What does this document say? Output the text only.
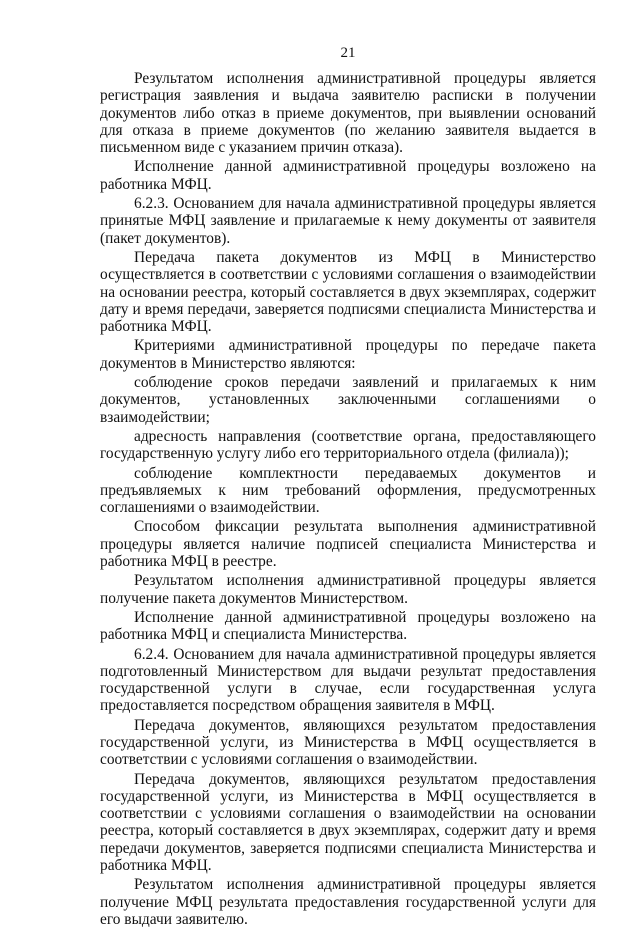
21

Результатом исполнения административной процедуры является регистрация заявления и выдача заявителю расписки в получении документов либо отказ в приеме документов, при выявлении оснований для отказа в приеме документов (по желанию заявителя выдается в письменном виде с указанием причин отказа).

Исполнение данной административной процедуры возложено на работника МФЦ.

6.2.3. Основанием для начала административной процедуры является принятые МФЦ заявление и прилагаемые к нему документы от заявителя (пакет документов).

Передача пакета документов из МФЦ в Министерство осуществляется в соответствии с условиями соглашения о взаимодействии на основании реестра, который составляется в двух экземплярах, содержит дату и время передачи, заверяется подписями специалиста Министерства и работника МФЦ.

Критериями административной процедуры по передаче пакета документов в Министерство являются:

соблюдение сроков передачи заявлений и прилагаемых к ним документов, установленных заключенными соглашениями о взаимодействии;

адресность направления (соответствие органа, предоставляющего государственную услугу либо его территориального отдела (филиала));

соблюдение комплектности передаваемых документов и предъявляемых к ним требований оформления, предусмотренных соглашениями о взаимодействии.

Способом фиксации результата выполнения административной процедуры является наличие подписей специалиста Министерства и работника МФЦ в реестре.

Результатом исполнения административной процедуры является получение пакета документов Министерством.

Исполнение данной административной процедуры возложено на работника МФЦ и специалиста Министерства.

6.2.4. Основанием для начала административной процедуры является подготовленный Министерством для выдачи результат предоставления государственной услуги в случае, если государственная услуга предоставляется посредством обращения заявителя в МФЦ.

Передача документов, являющихся результатом предоставления государственной услуги, из Министерства в МФЦ осуществляется в соответствии с условиями соглашения о взаимодействии.

Передача документов, являющихся результатом предоставления государственной услуги, из Министерства в МФЦ осуществляется в соответствии с условиями соглашения о взаимодействии на основании реестра, который составляется в двух экземплярах, содержит дату и время передачи документов, заверяется подписями специалиста Министерства и работника МФЦ.

Результатом исполнения административной процедуры является получение МФЦ результата предоставления государственной услуги для его выдачи заявителю.
